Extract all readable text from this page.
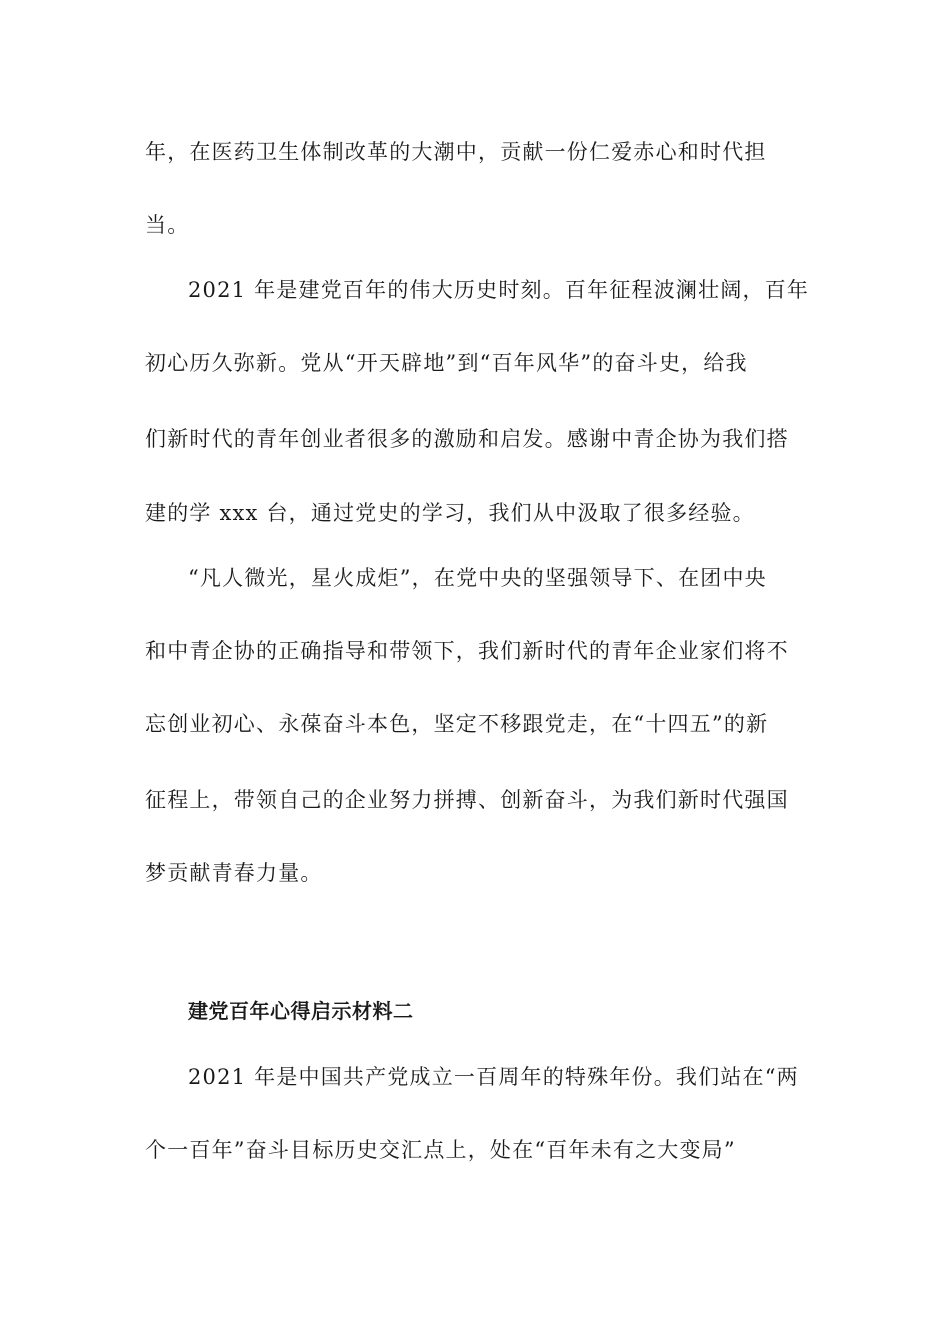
年，在医药卫生体制改革的大潮中，贡献一份仁爱赤心和时代担
当。
2021 年是建党百年的伟大历史时刻。百年征程波澜壮阔，百年
初心历久弥新。党从“开天辟地”到“百年风华”的奋斗史，给我
们新时代的青年创业者很多的激励和启发。感谢中青企协为我们搭
建的学 xxx 台，通过党史的学习，我们从中汲取了很多经验。
“凡人微光，星火成炬”，在党中央的坚强领导下、在团中央
和中青企协的正确指导和带领下，我们新时代的青年企业家们将不
忘创业初心、永葆奋斗本色，坚定不移跟党走，在“十四五”的新
征程上，带领自己的企业努力拼搏、创新奋斗，为我们新时代强国
梦贡献青春力量。
建党百年心得启示材料二
2021 年是中国共产党成立一百周年的特殊年份。我们站在“两
个一百年”奋斗目标历史交汇点上，处在“百年未有之大变局”
